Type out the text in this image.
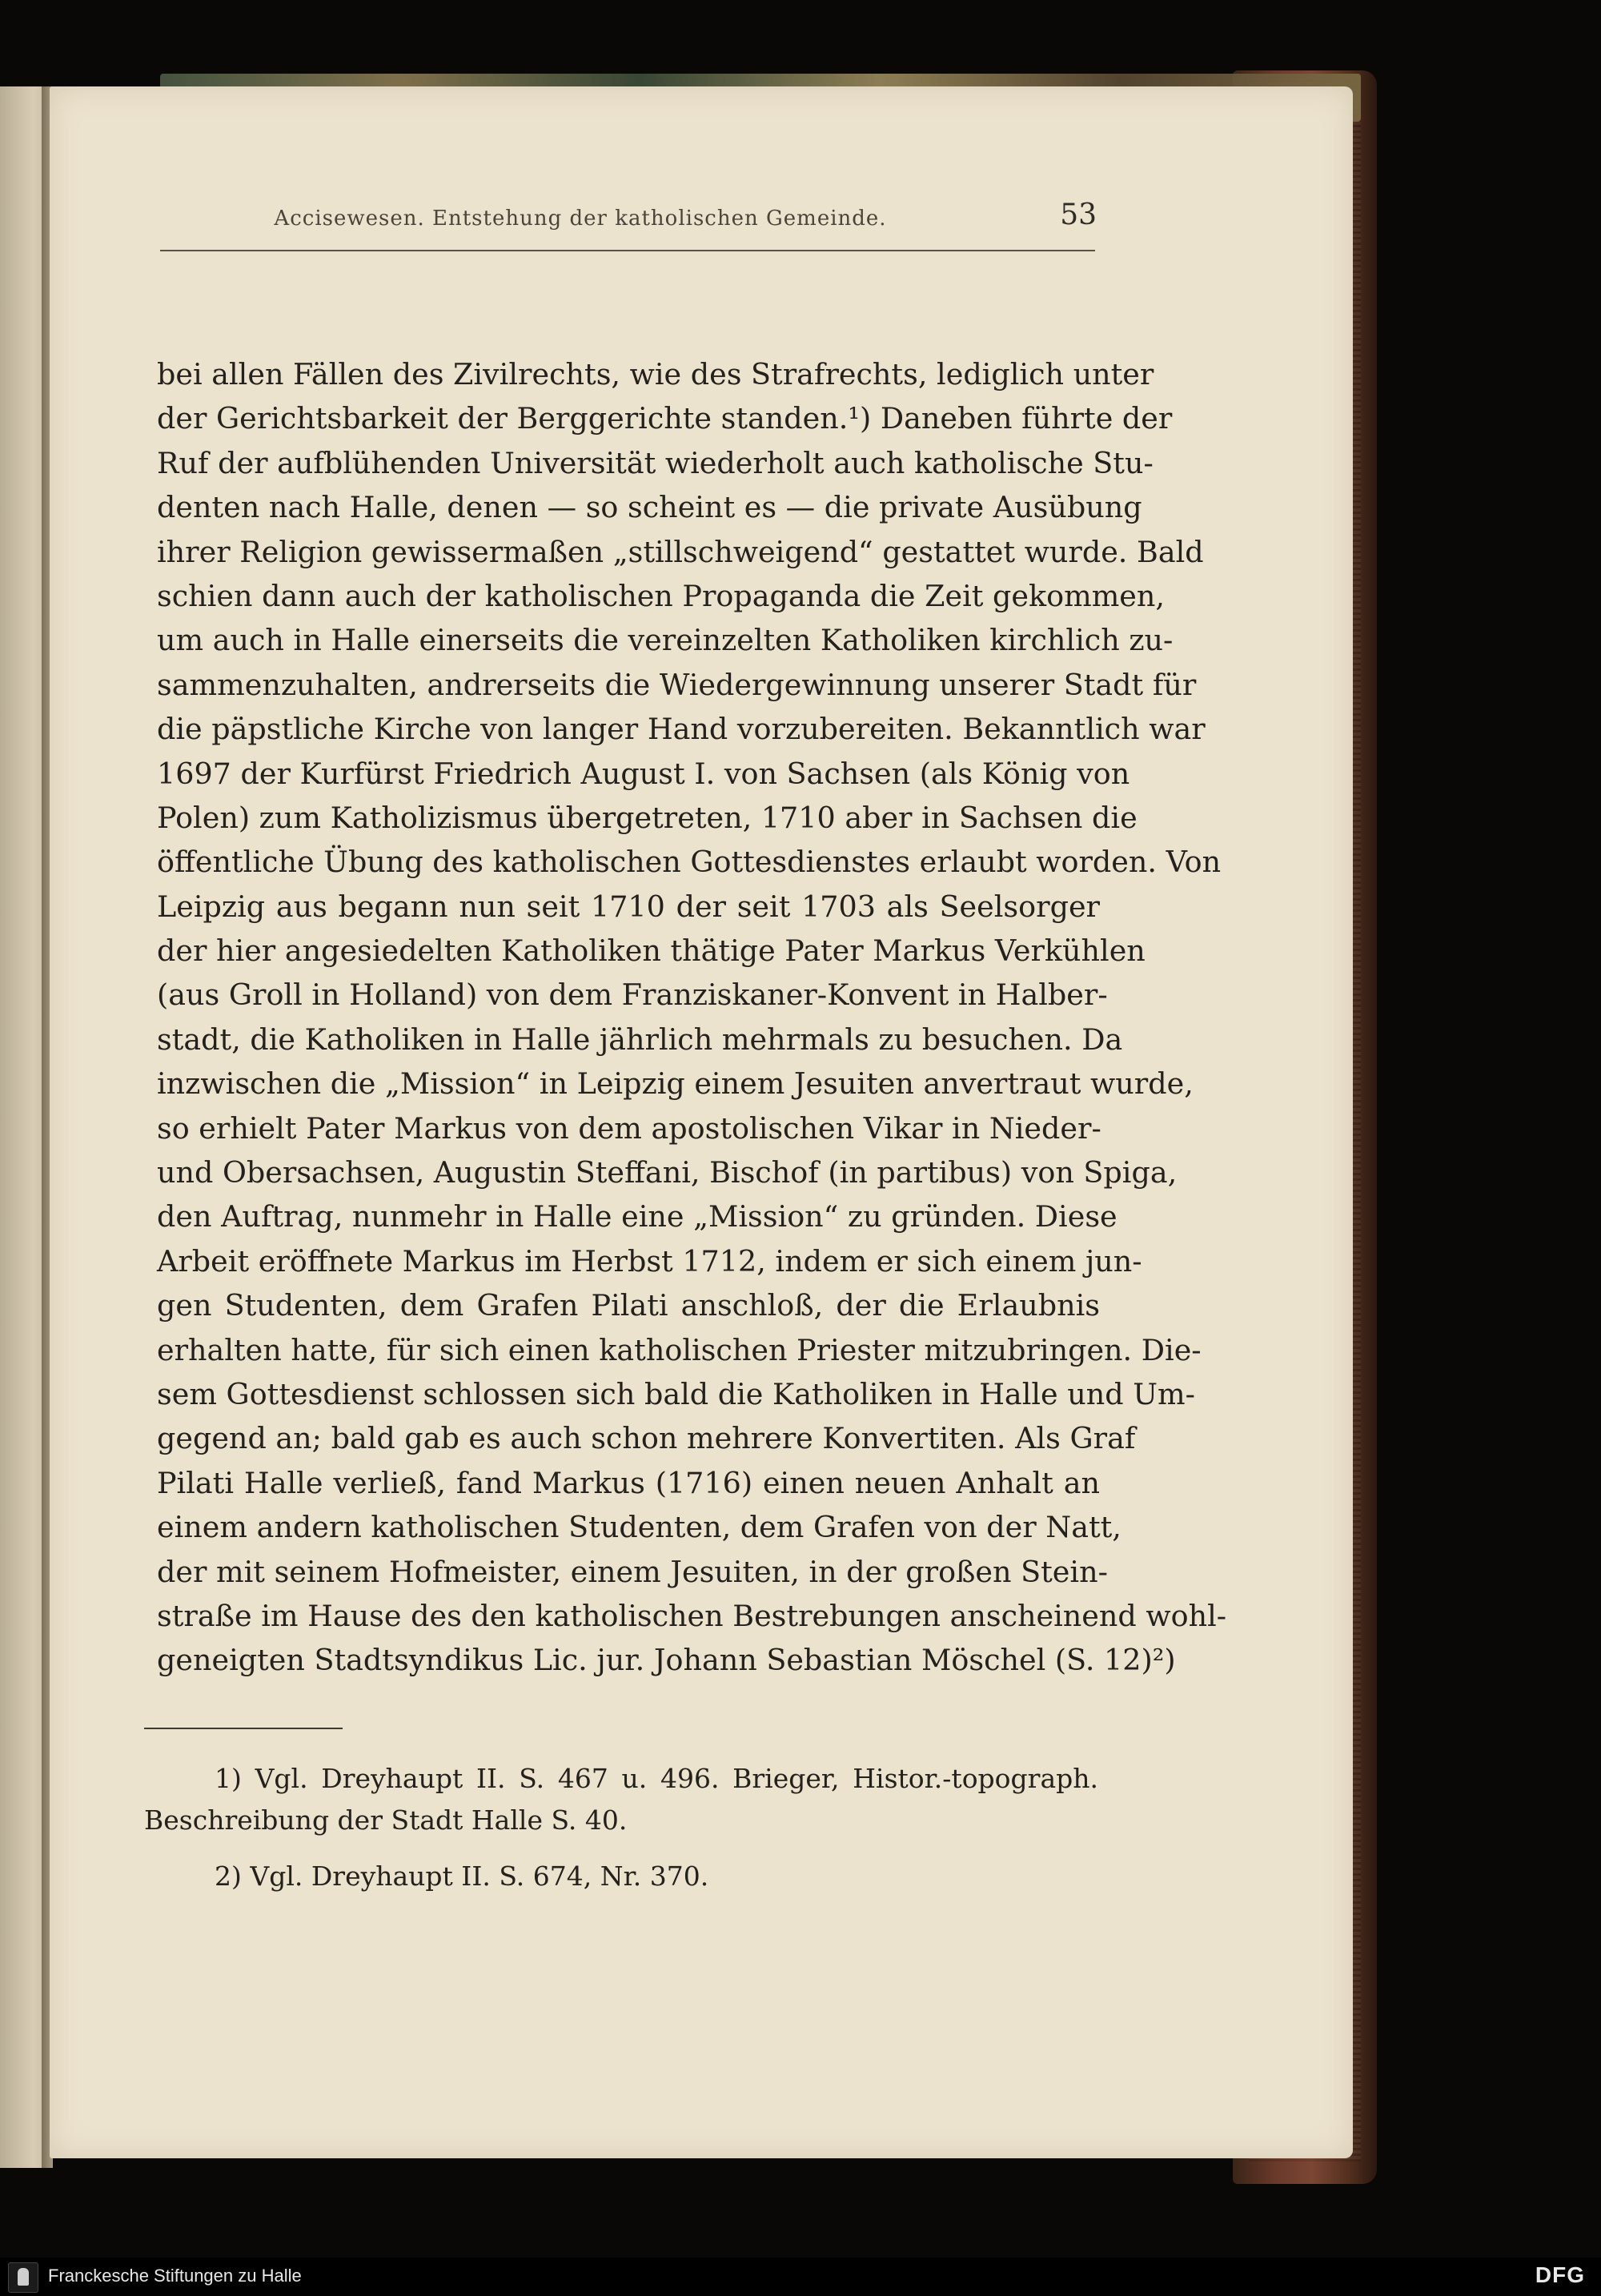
Accisewesen. Entstehung der katholischen Gemeinde.	53
bei allen Fällen des Zivilrechts, wie des Strafrechts, lediglich unter
der Gerichtsbarkeit der Berggerichte standen.¹) Daneben führte der
Ruf der aufblühenden Universität wiederholt auch katholische Stu-
denten nach Halle, denen — so scheint es — die private Ausübung
ihrer Religion gewissermaßen „stillschweigend“ gestattet wurde. Bald
schien dann auch der katholischen Propaganda die Zeit gekommen,
um auch in Halle einerseits die vereinzelten Katholiken kirchlich zu-
sammenzuhalten, andrerseits die Wiedergewinnung unserer Stadt für
die päpstliche Kirche von langer Hand vorzubereiten. Bekanntlich war
1697 der Kurfürst Friedrich August I. von Sachsen (als König von
Polen) zum Katholizismus übergetreten, 1710 aber in Sachsen die
öffentliche Übung des katholischen Gottesdienstes erlaubt worden. Von
Leipzig aus begann nun seit 1710 der seit 1703 als Seelsorger
der hier angesiedelten Katholiken thätige Pater Markus Verkühlen
(aus Groll in Holland) von dem Franziskaner-Konvent in Halber-
stadt, die Katholiken in Halle jährlich mehrmals zu besuchen. Da
inzwischen die „Mission“ in Leipzig einem Jesuiten anvertraut wurde,
so erhielt Pater Markus von dem apostolischen Vikar in Nieder-
und Obersachsen, Augustin Steffani, Bischof (in partibus) von Spiga,
den Auftrag, nunmehr in Halle eine „Mission“ zu gründen. Diese
Arbeit eröffnete Markus im Herbst 1712, indem er sich einem jun-
gen Studenten, dem Grafen Pilati anschloß, der die Erlaubnis
erhalten hatte, für sich einen katholischen Priester mitzubringen. Die-
sem Gottesdienst schlossen sich bald die Katholiken in Halle und Um-
gegend an; bald gab es auch schon mehrere Konvertiten. Als Graf
Pilati Halle verließ, fand Markus (1716) einen neuen Anhalt an
einem andern katholischen Studenten, dem Grafen von der Natt,
der mit seinem Hofmeister, einem Jesuiten, in der großen Stein-
straße im Hause des den katholischen Bestrebungen anscheinend wohl-
geneigten Stadtsyndikus Lic. jur. Johann Sebastian Möschel (S. 12)²)
1) Vgl. Dreyhaupt II. S. 467 u. 496. Brieger, Histor.-topograph.
Beschreibung der Stadt Halle S. 40.
2) Vgl. Dreyhaupt II. S. 674, Nr. 370.
Franckesche Stiftungen zu Halle	DFG
